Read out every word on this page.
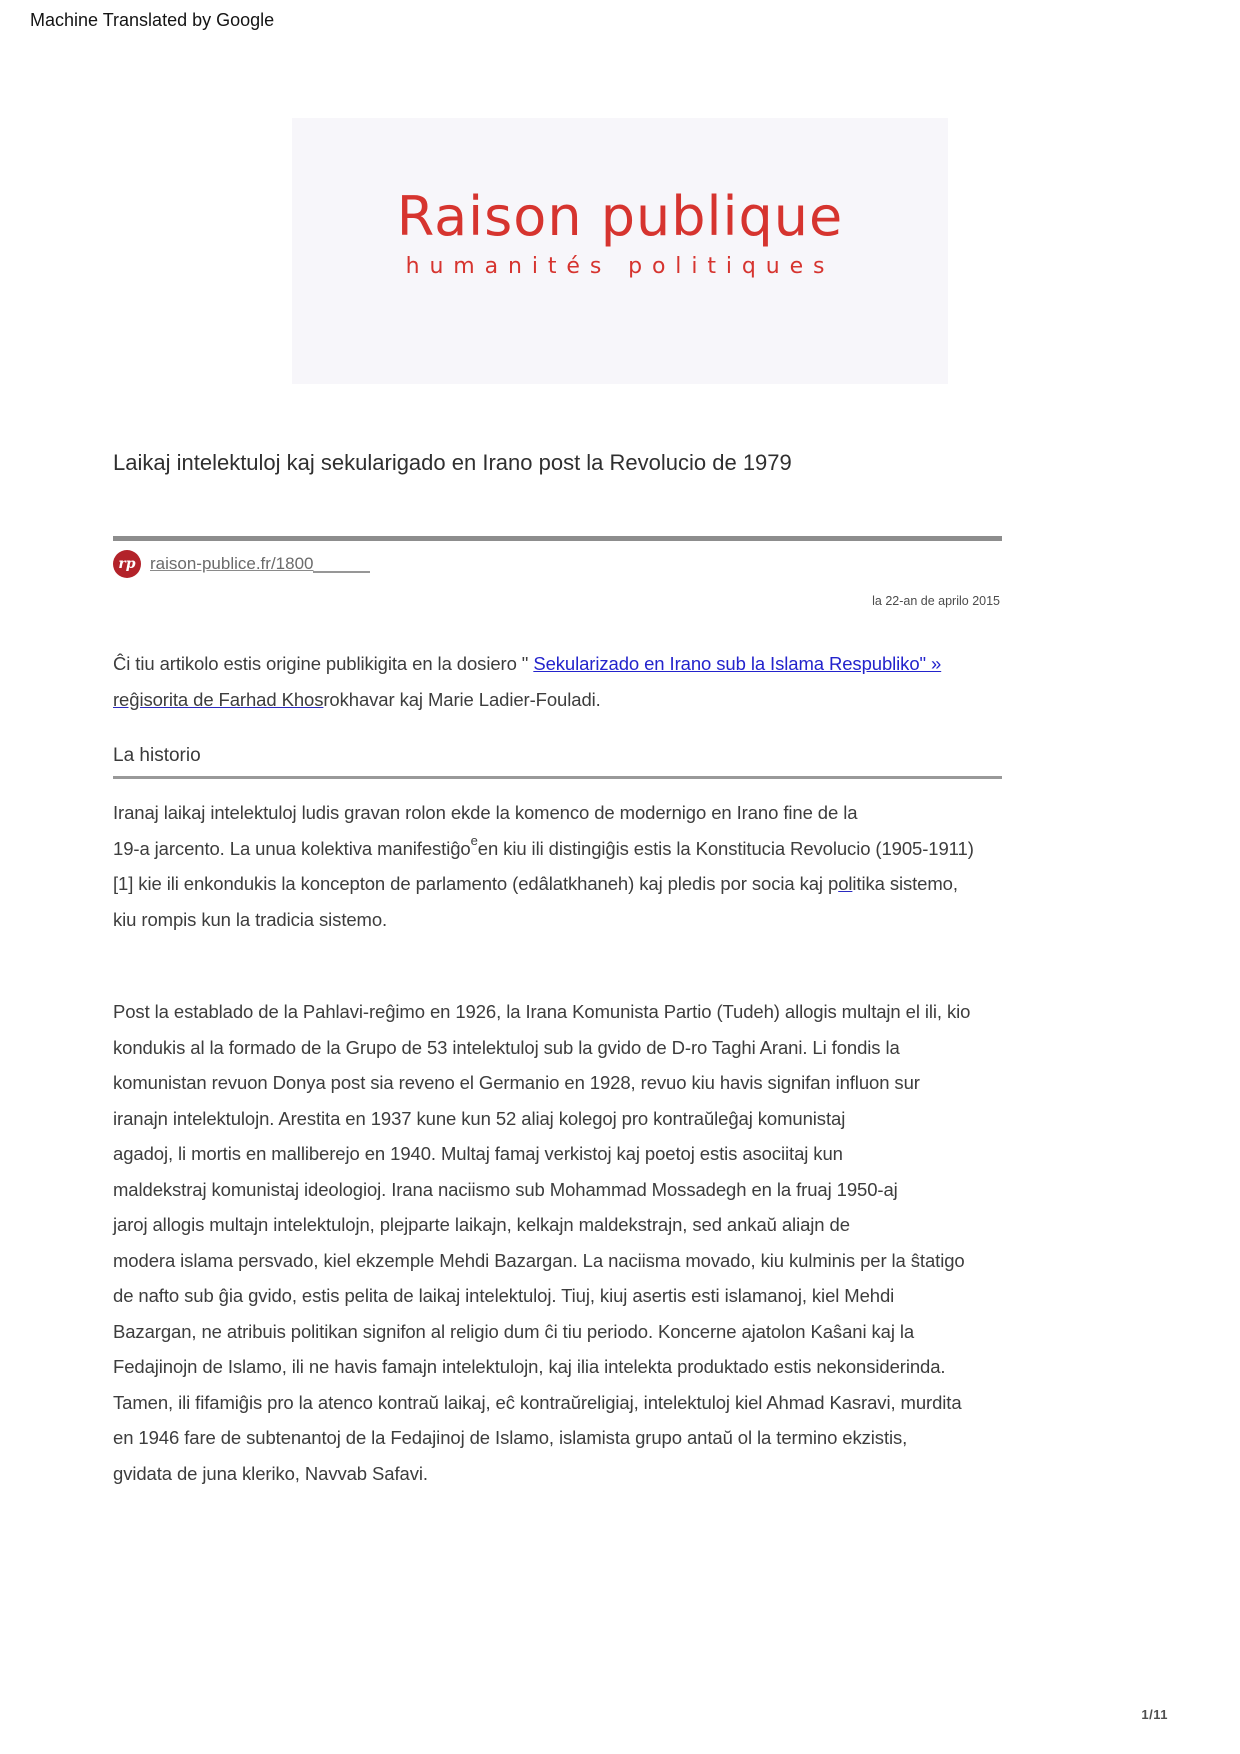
Machine Translated by Google
Raison publique
humanités politiques
Laikaj intelektuloj kaj sekularigado en Irano post la Revolucio de 1979
rp raison-publice.fr/1800
la 22-an de aprilo 2015
Ĉi tiu artikolo estis origine publikigita en la dosiero " Sekularizado en Irano sub la Islama Respubliko" »
reĝisorita de Farhad Khosrokhavar kaj Marie Ladier-Fouladi.
La historio
Iranaj laikaj intelektuloj ludis gravan rolon ekde la komenco de modernigo en Irano fine de la
19-a jarcento. La unua kolektiva manifestiĝo$^e$en kiu ili distingiĝis estis la Konstitucia Revolucio (1905-1911)
[1] kie ili enkondukis la koncepton de parlamento (edâlatkhaneh) kaj pledis por socia kaj politika sistemo,
kiu rompis kun la tradicia sistemo.
Post la establado de la Pahlavi-reĝimo en 1926, la Irana Komunista Partio (Tudeh) allogis multajn el ili, kio
kondukis al la formado de la Grupo de 53 intelektuloj sub la gvido de D-ro Taghi Arani. Li fondis la
komunistan revuon Donya post sia reveno el Germanio en 1928, revuo kiu havis signifan influon sur
iranajn intelektulojn. Arestita en 1937 kune kun 52 aliaj kolegoj pro kontraŭleĝaj komunistaj
agadoj, li mortis en malliberejo en 1940. Multaj famaj verkistoj kaj poetoj estis asociitaj kun
maldekstraj komunistaj ideologioj. Irana naciismo sub Mohammad Mossadegh en la fruaj 1950-aj
jaroj allogis multajn intelektulojn, plejparte laikajn, kelkajn maldekstrajn, sed ankaŭ aliajn de
modera islama persvado, kiel ekzemple Mehdi Bazargan. La naciisma movado, kiu kulminis per la ŝtatigo
de nafto sub ĝia gvido, estis pelita de laikaj intelektuloj. Tiuj, kiuj asertis esti islamanoj, kiel Mehdi
Bazargan, ne atribuis politikan signifon al religio dum ĉi tiu periodo. Koncerne ajatolon Kaŝani kaj la
Fedajinojn de Islamo, ili ne havis famajn intelektulojn, kaj ilia intelekta produktado estis nekonsiderinda.
Tamen, ili fifamiĝis pro la atenco kontraŭ laikaj, eĉ kontraŭreligiaj, intelektuloj kiel Ahmad Kasravi, murdita
en 1946 fare de subtenantoj de la Fedajinoj de Islamo, islamista grupo antaŭ ol la termino ekzistis,
gvidata de juna kleriko, Navvab Safavi.
1/11
